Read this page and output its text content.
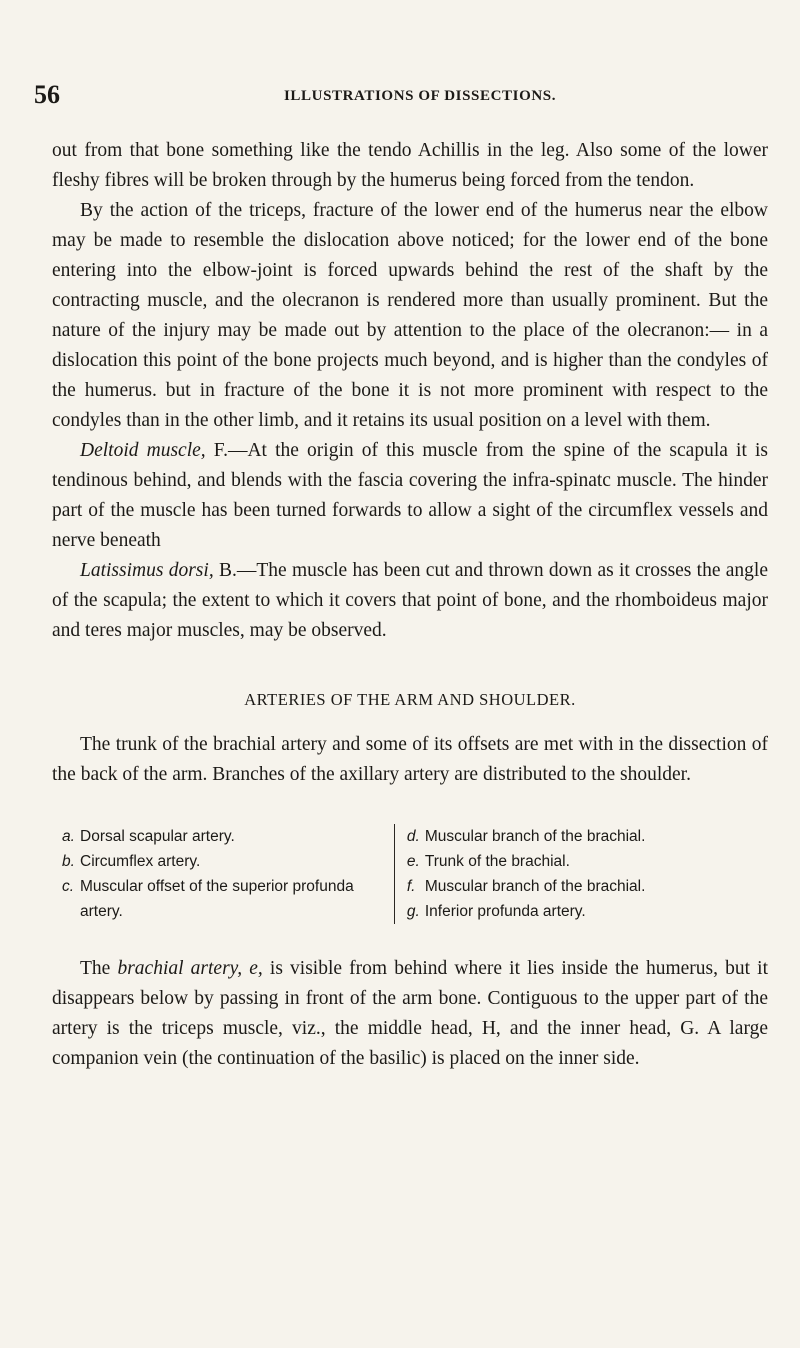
56	ILLUSTRATIONS OF DISSECTIONS.

out from that bone something like the tendo Achillis in the leg. Also some of the lower fleshy fibres will be broken through by the humerus being forced from the tendon.

By the action of the triceps, fracture of the lower end of the humerus near the elbow may be made to resemble the dislocation above noticed; for the lower end of the bone entering into the elbow-joint is forced upwards behind the rest of the shaft by the contracting muscle, and the olecranon is rendered more than usually prominent. But the nature of the injury may be made out by attention to the place of the olecranon:— in a dislocation this point of the bone projects much beyond, and is higher than the condyles of the humerus. but in fracture of the bone it is not more prominent with respect to the condyles than in the other limb, and it retains its usual position on a level with them.

Deltoid muscle, F.—At the origin of this muscle from the spine of the scapula it is tendinous behind, and blends with the fascia covering the infra-spinatc muscle. The hinder part of the muscle has been turned forwards to allow a sight of the circumflex vessels and nerve beneath

Latissimus dorsi, B.—The muscle has been cut and thrown down as it crosses the angle of the scapula; the extent to which it covers that point of bone, and the rhomboideus major and teres major muscles, may be observed.

ARTERIES OF THE ARM AND SHOULDER.

The trunk of the brachial artery and some of its offsets are met with in the dissection of the back of the arm. Branches of the axillary artery are distributed to the shoulder.

a. Dorsal scapular artery.
b. Circumflex artery.
c. Muscular offset of the superior profunda artery.
d. Muscular branch of the brachial.
e. Trunk of the brachial.
f. Muscular branch of the brachial.
g. Inferior profunda artery.

The brachial artery, e, is visible from behind where it lies inside the humerus, but it disappears below by passing in front of the arm bone. Contiguous to the upper part of the artery is the triceps muscle, viz., the middle head, H, and the inner head, G. A large companion vein (the continuation of the basilic) is placed on the inner side.
